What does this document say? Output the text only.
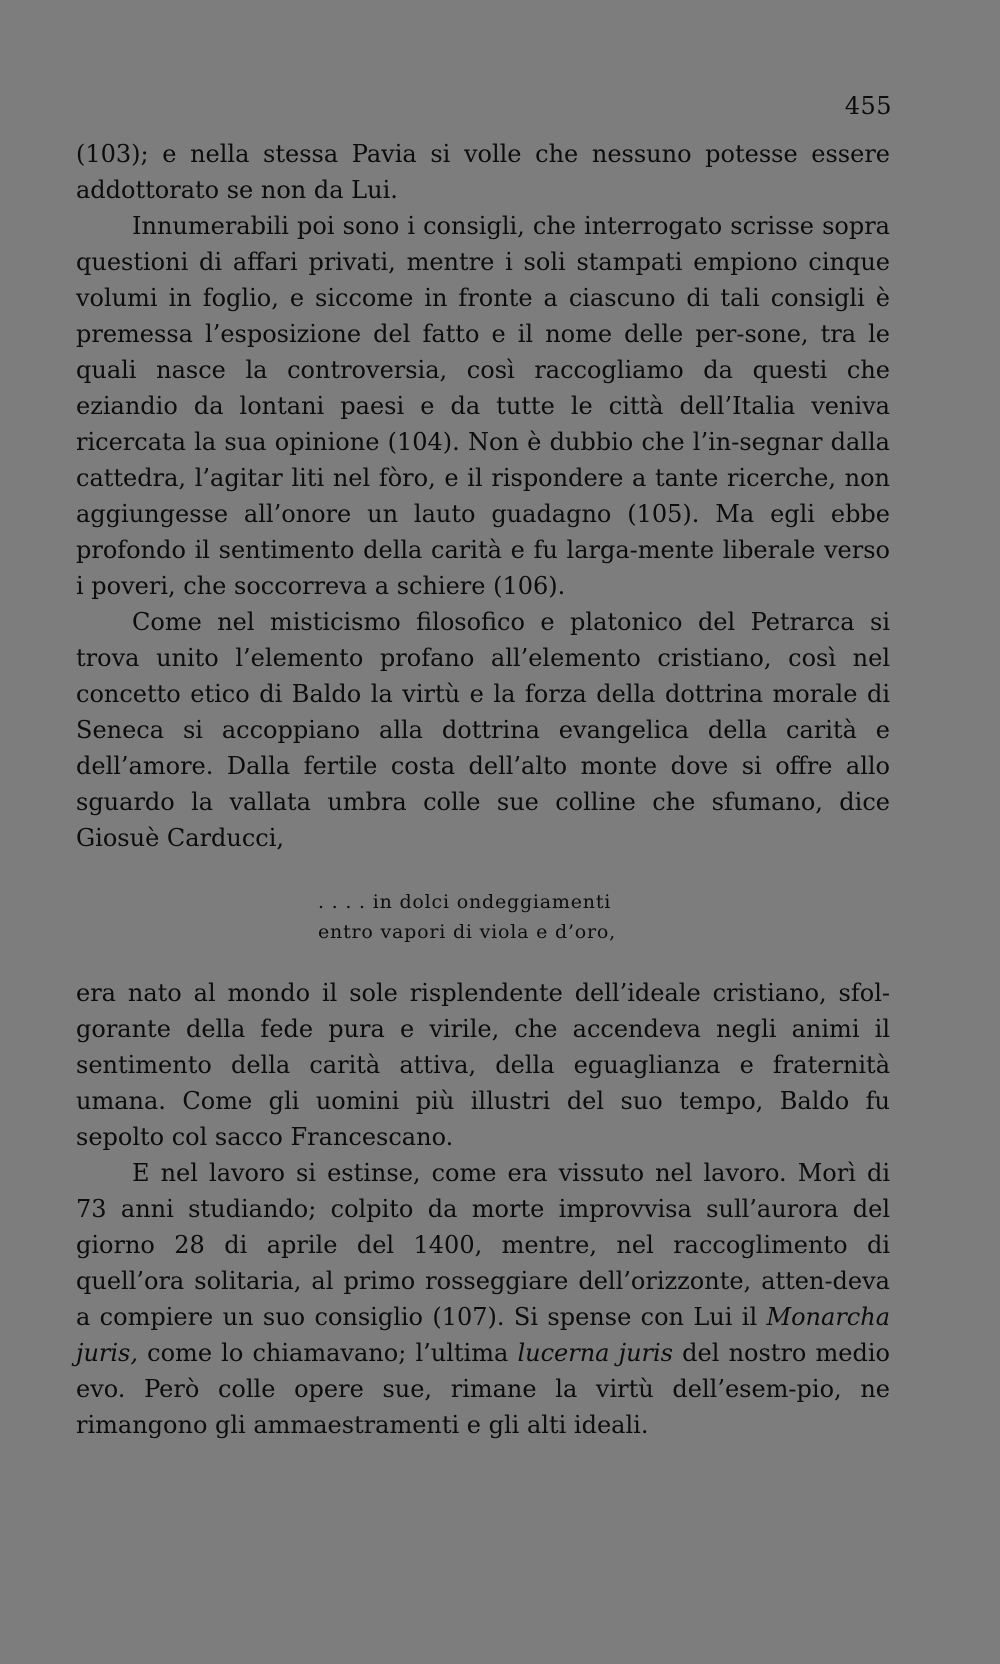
455

(103); e nella stessa Pavia si volle che nessuno potesse essere addottorato se non da Lui.

Innumerabili poi sono i consigli, che interrogato scrisse sopra questioni di affari privati, mentre i soli stampati empiono cinque volumi in foglio, e siccome in fronte a ciascuno di tali consigli è premessa l’esposizione del fatto e il nome delle per-sone, tra le quali nasce la controversia, così raccogliamo da questi che eziandio da lontani paesi e da tutte le città dell’Italia veniva ricercata la sua opinione (104). Non è dubbio che l’in-segnar dalla cattedra, l’agitar liti nel fòro, e il rispondere a tante ricerche, non aggiungesse all’onore un lauto guadagno (105). Ma egli ebbe profondo il sentimento della carità e fu larga-mente liberale verso i poveri, che soccorreva a schiere (106).

Come nel misticismo filosofico e platonico del Petrarca si trova unito l’elemento profano all’elemento cristiano, così nel concetto etico di Baldo la virtù e la forza della dottrina morale di Seneca si accoppiano alla dottrina evangelica della carità e dell’amore. Dalla fertile costa dell’alto monte dove si offre allo sguardo la vallata umbra colle sue colline che sfumano, dice Giosuè Carducci,

. . . . in dolci ondeggiamenti
entro vapori di viola e d’oro,

era nato al mondo il sole risplendente dell’ideale cristiano, sfol-gorante della fede pura e virile, che accendeva negli animi il sentimento della carità attiva, della eguaglianza e fraternità umana. Come gli uomini più illustri del suo tempo, Baldo fu sepolto col sacco Francescano.

E nel lavoro si estinse, come era vissuto nel lavoro. Morì di 73 anni studiando; colpito da morte improvvisa sull’aurora del giorno 28 di aprile del 1400, mentre, nel raccoglimento di quell’ora solitaria, al primo rosseggiare dell’orizzonte, atten-deva a compiere un suo consiglio (107). Si spense con Lui il Monarcha juris, come lo chiamavano; l’ultima lucerna juris del nostro medio evo. Però colle opere sue, rimane la virtù dell’esem-pio, ne rimangono gli ammaestramenti e gli alti ideali.
